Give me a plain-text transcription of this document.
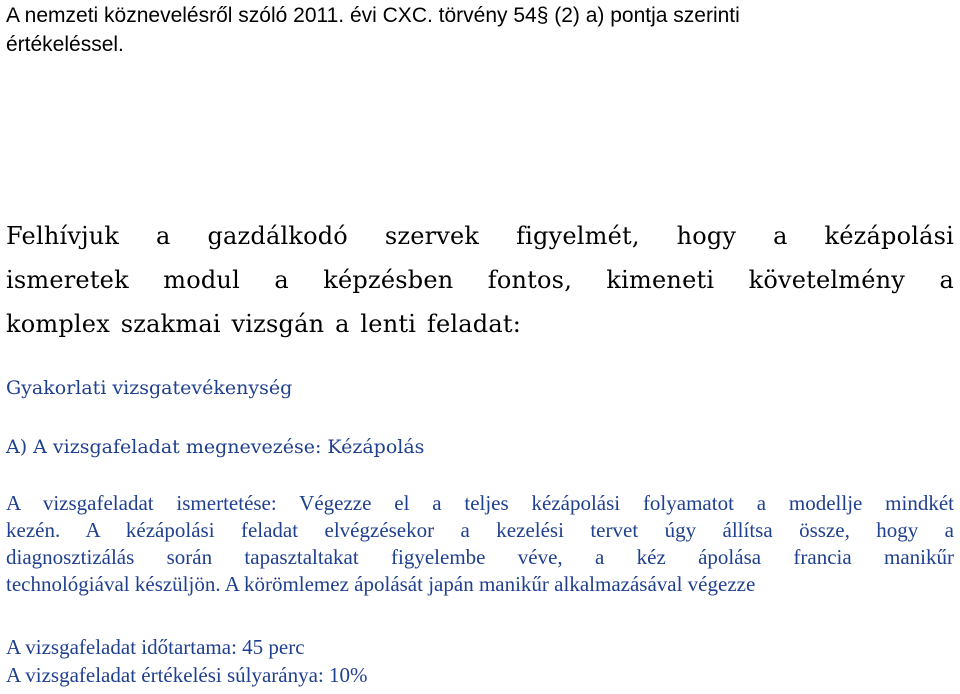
A nemzeti köznevelésről szóló 2011. évi CXC. törvény 54§ (2) a) pontja szerinti
értékeléssel.
Felhívjuk a gazdálkodó szervek figyelmét, hogy a kézápolási
ismeretek modul a képzésben fontos, kimeneti követelmény a
komplex szakmai vizsgán a lenti feladat:
Gyakorlati vizsgatevékenység
A) A vizsgafeladat megnevezése: Kézápolás
A vizsgafeladat ismertetése: Végezze el a teljes kézápolási folyamatot a modellje mindkét
kezén. A kézápolási feladat elvégzésekor a kezelési tervet úgy állítsa össze, hogy a
diagnosztizálás során tapasztaltakat figyelembe véve, a kéz ápolása francia manikűr
technológiával készüljön. A körömlemez ápolását japán manikűr alkalmazásával végezze
A vizsgafeladat időtartama: 45 perc
A vizsgafeladat értékelési súlyaránya: 10%
